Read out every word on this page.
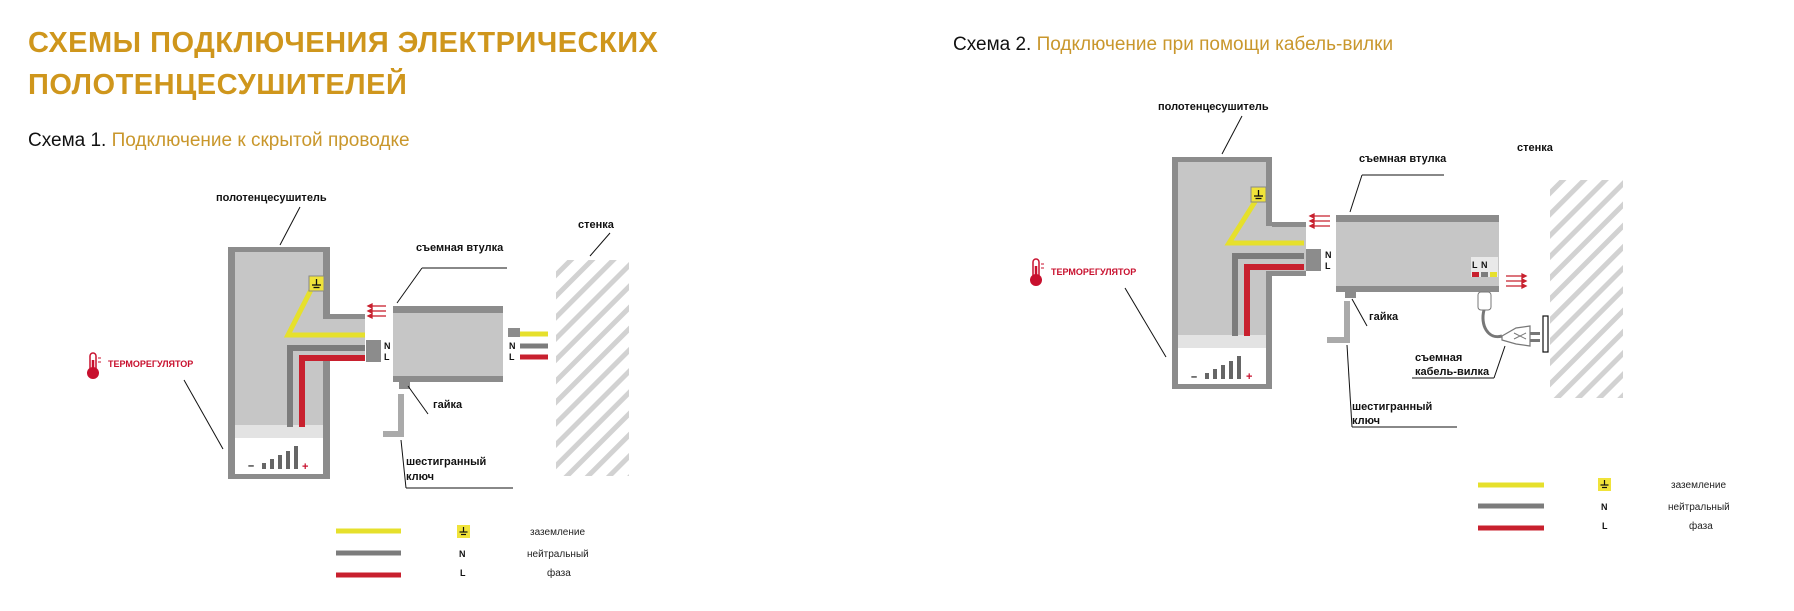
СХЕМЫ ПОДКЛЮЧЕНИЯ ЭЛЕКТРИЧЕСКИХ ПОЛОТЕНЦЕСУШИТЕЛЕЙ
Схема 1. Подключение к скрытой проводке
Схема 2. Подключение при помощи кабель-вилки
–	+
N
L
N
L
ТЕРМОРЕГУЛЯТОР
полотенцесушитель
съемная втулка
стенка
гайка
шестигранный
ключ
N
L
заземление
нейтральный
фаза
–	+
N
L	L N
ТЕРМОРЕГУЛЯТОР
полотенцесушитель
съемная втулка
стенка
гайка
шестигранный
ключ
съемная
кабель-вилка
N
L
заземление
нейтральный
фаза
